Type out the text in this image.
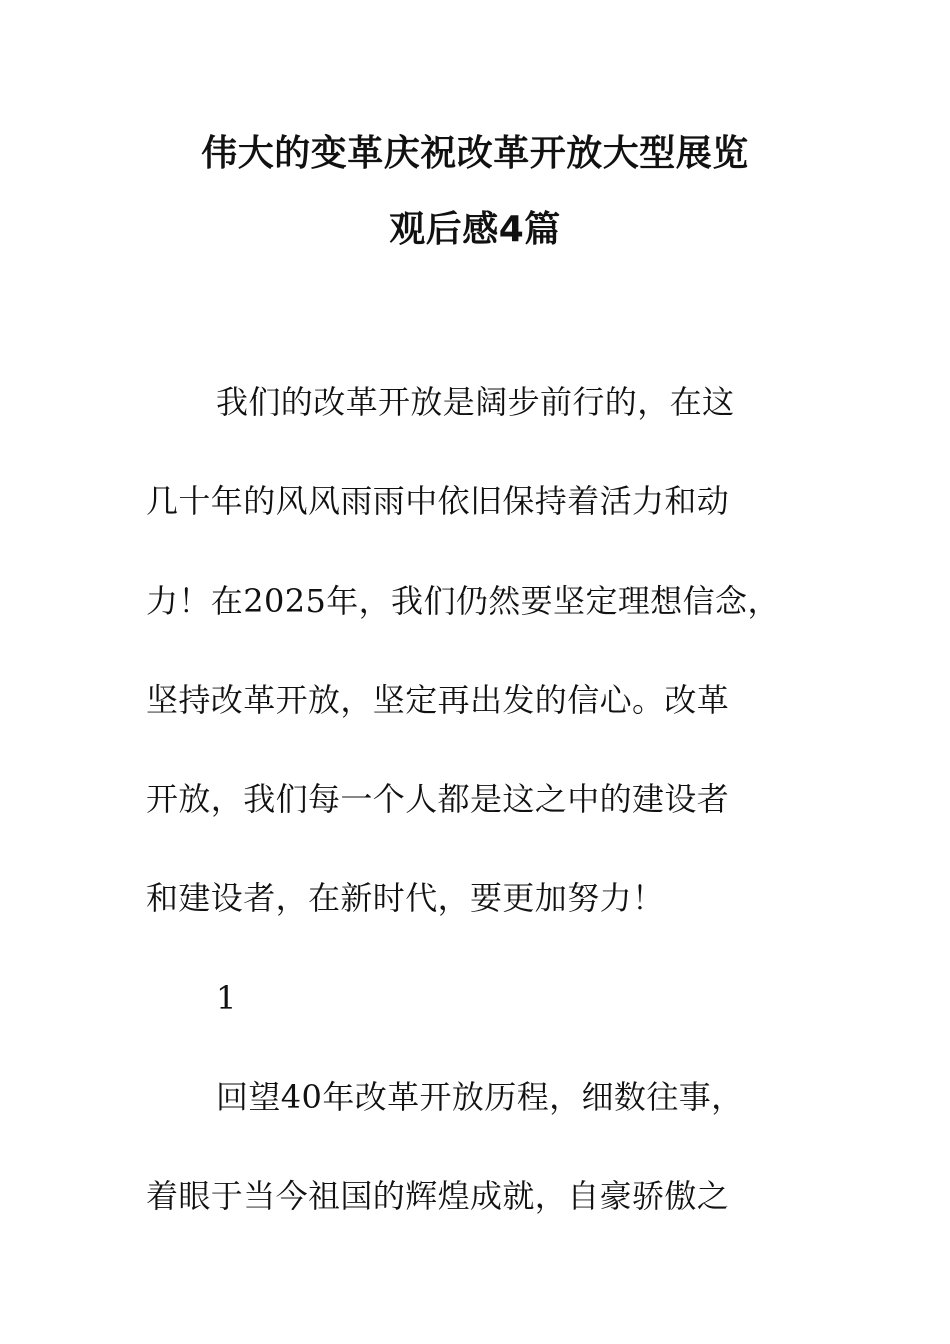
伟大的变革庆祝改革开放大型展览
观后感4篇
我们的改革开放是阔步前行的，在这
几十年的风风雨雨中依旧保持着活力和动
力！在2025年，我们仍然要坚定理想信念，
坚持改革开放，坚定再出发的信心。改革
开放，我们每一个人都是这之中的建设者
和建设者，在新时代，要更加努力！
1
回望40年改革开放历程，细数往事，
着眼于当今祖国的辉煌成就，自豪骄傲之
